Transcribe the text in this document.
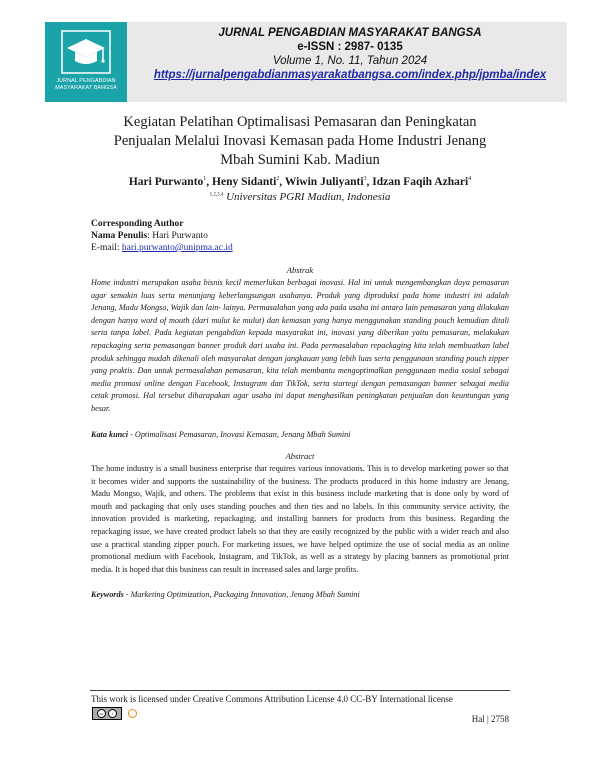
JURNAL PENGABDIAN
MASYARAKAT BANGSA
JURNAL PENGABDIAN MASYARAKAT BANGSA
e-ISSN : 2987- 0135
Volume 1, No. 11, Tahun 2024
https://jurnalpengabdianmasyarakatbangsa.com/index.php/jpmba/index
Kegiatan Pelatihan Optimalisasi Pemasaran dan Peningkatan
Penjualan Melalui Inovasi Kemasan pada Home Industri Jenang
Mbah Sumini Kab. Madiun
Hari Purwanto$^1$, Heny Sidanti$^2$, Wiwin Juliyanti$^3$, Idzan Faqih Azhari$^4$
$^{1,2,3,4}$ Universitas PGRI Madiun, Indonesia
Corresponding Author
Nama Penulis: Hari Purwanto
E-mail: hari.purwanto@unipma.ac.id
Abstrak
Home industri merupakan usaha bisnis kecil memerlukan berbagai inovasi. Hal ini untuk mengembangkan daya pemasaran agar semakin luas serta menunjang keberlangsungan usahanya. Produk yang diproduksi pada home industri ini adalah Jenang, Madu Mongso, Wajik dan lain- lainya. Permasalahan yang ada pada usaha ini antara lain pemasaran yang dilakukan dengan hanya word of mouth (dari mulut ke mulut) dan kemasan yang hanya menggunakan standing pouch kemudian ditali serta tanpa label. Pada kegiatan pengabdian kepada masyarakat ini, inovasi yang diberikan yaitu pemasaran, melakukan repackaging serta pemasangan banner produk dari usaha ini. Pada permasalahan repackaging kita telah membuatkan label produk sehingga mudah dikenali oleh masyarakat dengan jangkauan yang lebih luas serta penggunaan standing pouch zipper yang praktis. Dan untuk permasalahan pemasaran, kita telah membantu mengoptimalkan penggunaan media sosial sebagai media promosi online dengan Facebook, Instagram dan TikTok, serta startegi dengan pemasangan banner sebagai media cetak promosi. Hal tersebut diharapakan agar usaha ini dapat menghasilkan peningkatan penjualan dan keuntungan yang besar.
Kata kunci - Optimalisasi Pemasaran, Inovasi Kemasan, Jenang Mbah Sumini
Abstract
The home industry is a small business enterprise that requires various innovations. This is to develop marketing power so that it becomes wider and supports the sustainability of the business. The products produced in this home industry are Jenang, Madu Mongso, Wajik, and others. The problems that exist in this business include marketing that is done only by word of mouth and packaging that only uses standing pouches and then ties and no labels. In this community service activity, the innovation provided is marketing, repackaging, and installing banners for products from this business. Regarding the repackaging issue, we have created product labels so that they are easily recognized by the public with a wider reach and also use a practical standing zipper pouch. For marketing issues, we have helped optimize the use of social media as an online promotional medium with Facebook, Instagram, and TikTok, as well as a strategy by placing banners as promotional print media. It is hoped that this business can result in increased sales and large profits.
Keywords - Marketing Optimization, Packaging Innovation, Jenang Mbah Sumini
This work is licensed under Creative Commons Attribution License 4.0 CC-BY International license
cc	i
Hal | 2758
